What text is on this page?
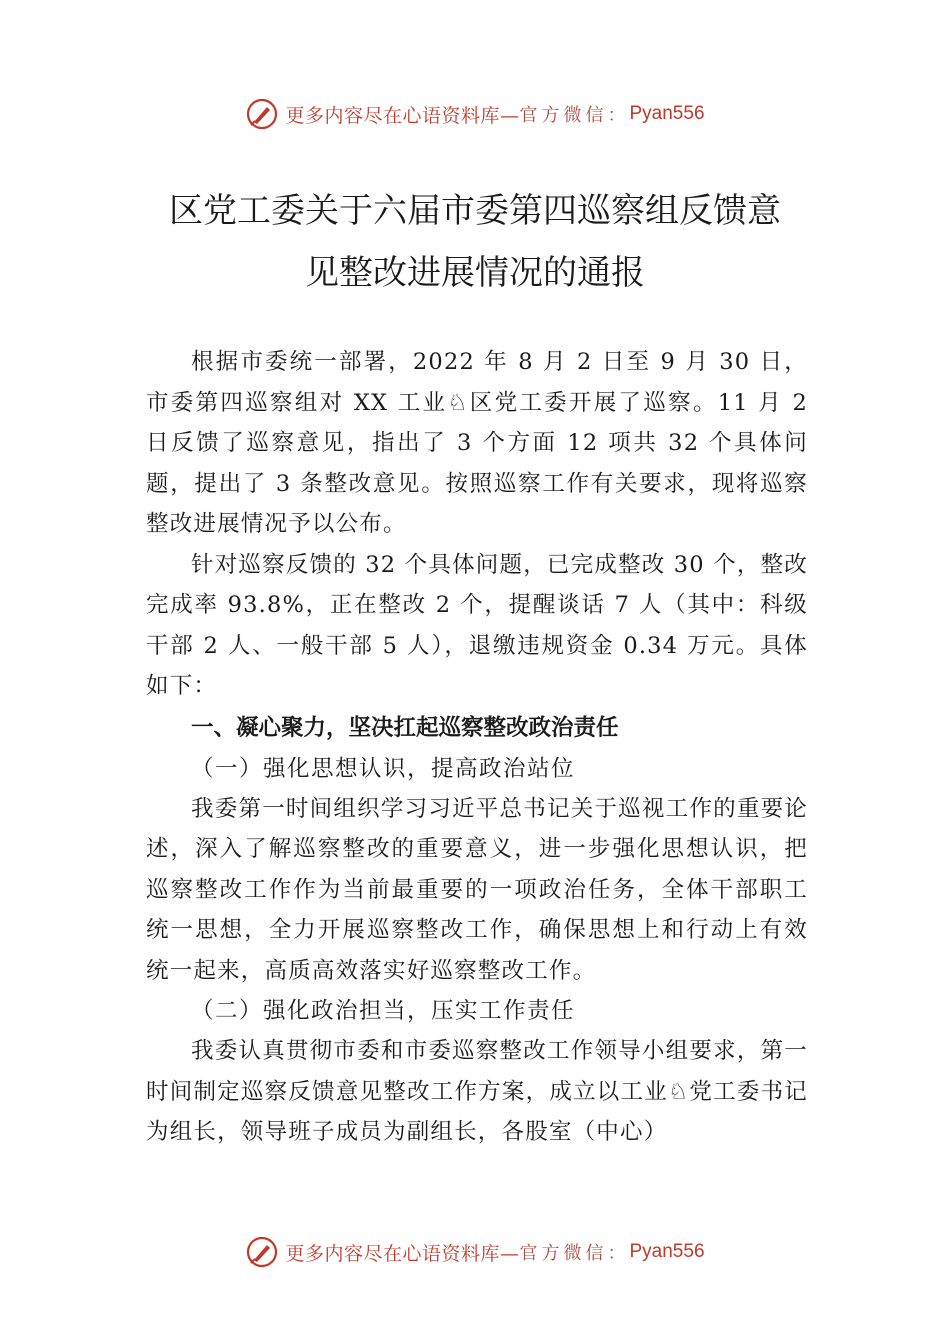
更多内容尽在心语资料库— 官方微信： Pyan556
区党工委关于六届市委第四巡察组反馈意
见整改进展情况的通报

根据市委统一部署，2022 年 8 月 2 日至 9 月 30 日，市委第四巡察组对 XX 工业♘区党工委开展了巡察。11 月 2 日反馈了巡察意见，指出了 3 个方面 12 项共 32 个具体问题，提出了 3 条整改意见。按照巡察工作有关要求，现将巡察整改进展情况予以公布。

针对巡察反馈的 32 个具体问题，已完成整改 30 个，整改完成率 93.8%，正在整改 2 个，提醒谈话 7 人（其中：科级干部 2 人、一般干部 5 人），退缴违规资金 0.34 万元。具体如下：

一、凝心聚力，坚决扛起巡察整改政治责任

（一）强化思想认识，提高政治站位

我委第一时间组织学习习近平总书记关于巡视工作的重要论述，深入了解巡察整改的重要意义，进一步强化思想认识，把巡察整改工作作为当前最重要的一项政治任务，全体干部职工统一思想，全力开展巡察整改工作，确保思想上和行动上有效统一起来，高质高效落实好巡察整改工作。

（二）强化政治担当，压实工作责任

我委认真贯彻市委和市委巡察整改工作领导小组要求，第一时间制定巡察反馈意见整改工作方案，成立以工业♘党工委书记为组长，领导班子成员为副组长，各股室（中心）

更多内容尽在心语资料库— 官方微信： Pyan556
